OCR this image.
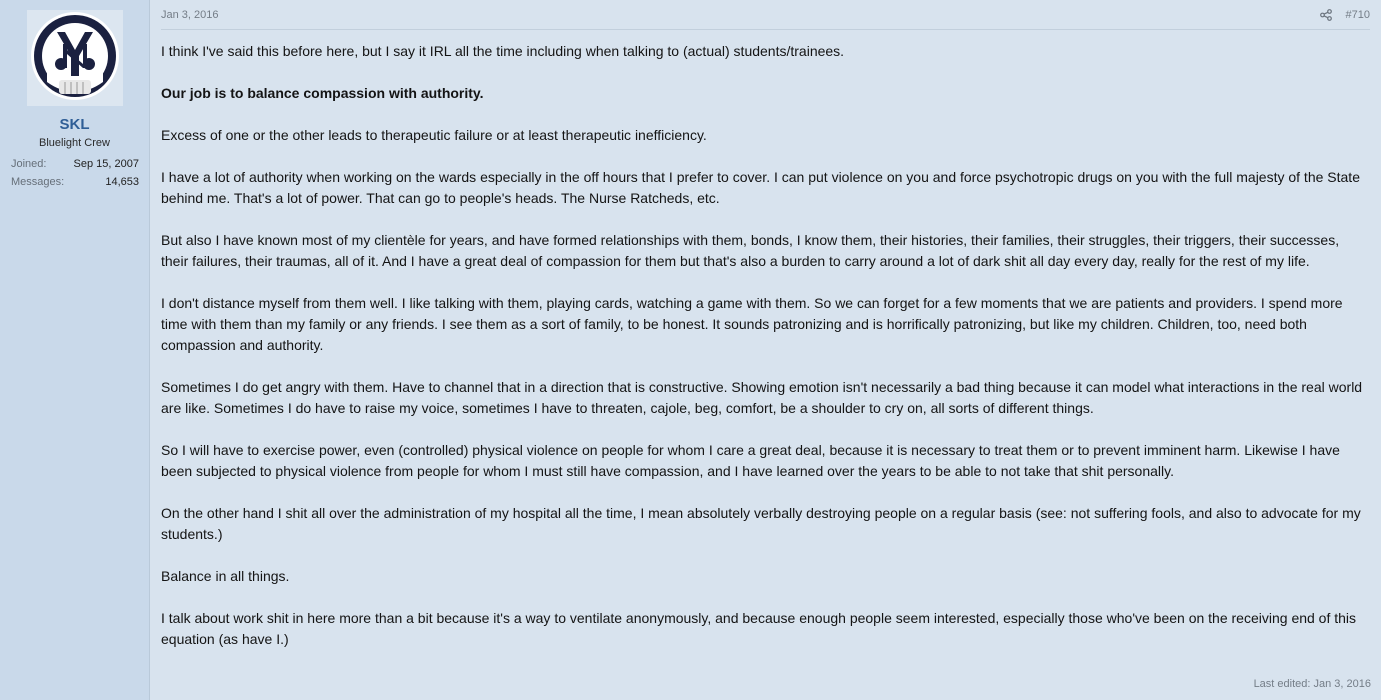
SKL
Bluelight Crew
Joined: Sep 15, 2007
Messages:	14,653
Jan 3, 2016	#710

I think I've said this before here, but I say it IRL all the time including when talking to (actual) students/trainees.

Our job is to balance compassion with authority.

Excess of one or the other leads to therapeutic failure or at least therapeutic inefficiency.

I have a lot of authority when working on the wards especially in the off hours that I prefer to cover. I can put violence on you and force psychotropic drugs on you with the full majesty of the State behind me. That's a lot of power. That can go to people's heads. The Nurse Ratcheds, etc.

But also I have known most of my clientèle for years, and have formed relationships with them, bonds, I know them, their histories, their families, their struggles, their triggers, their successes, their failures, their traumas, all of it. And I have a great deal of compassion for them but that's also a burden to carry around a lot of dark shit all day every day, really for the rest of my life.

I don't distance myself from them well. I like talking with them, playing cards, watching a game with them. So we can forget for a few moments that we are patients and providers. I spend more time with them than my family or any friends. I see them as a sort of family, to be honest. It sounds patronizing and is horrifically patronizing, but like my children. Children, too, need both compassion and authority.

Sometimes I do get angry with them. Have to channel that in a direction that is constructive. Showing emotion isn't necessarily a bad thing because it can model what interactions in the real world are like. Sometimes I do have to raise my voice, sometimes I have to threaten, cajole, beg, comfort, be a shoulder to cry on, all sorts of different things.

So I will have to exercise power, even (controlled) physical violence on people for whom I care a great deal, because it is necessary to treat them or to prevent imminent harm. Likewise I have been subjected to physical violence from people for whom I must still have compassion, and I have learned over the years to be able to not take that shit personally.

On the other hand I shit all over the administration of my hospital all the time, I mean absolutely verbally destroying people on a regular basis (see: not suffering fools, and also to advocate for my students.)

Balance in all things.

I talk about work shit in here more than a bit because it's a way to ventilate anonymously, and because enough people seem interested, especially those who've been on the receiving end of this equation (as have I.)

Last edited: Jan 3, 2016
